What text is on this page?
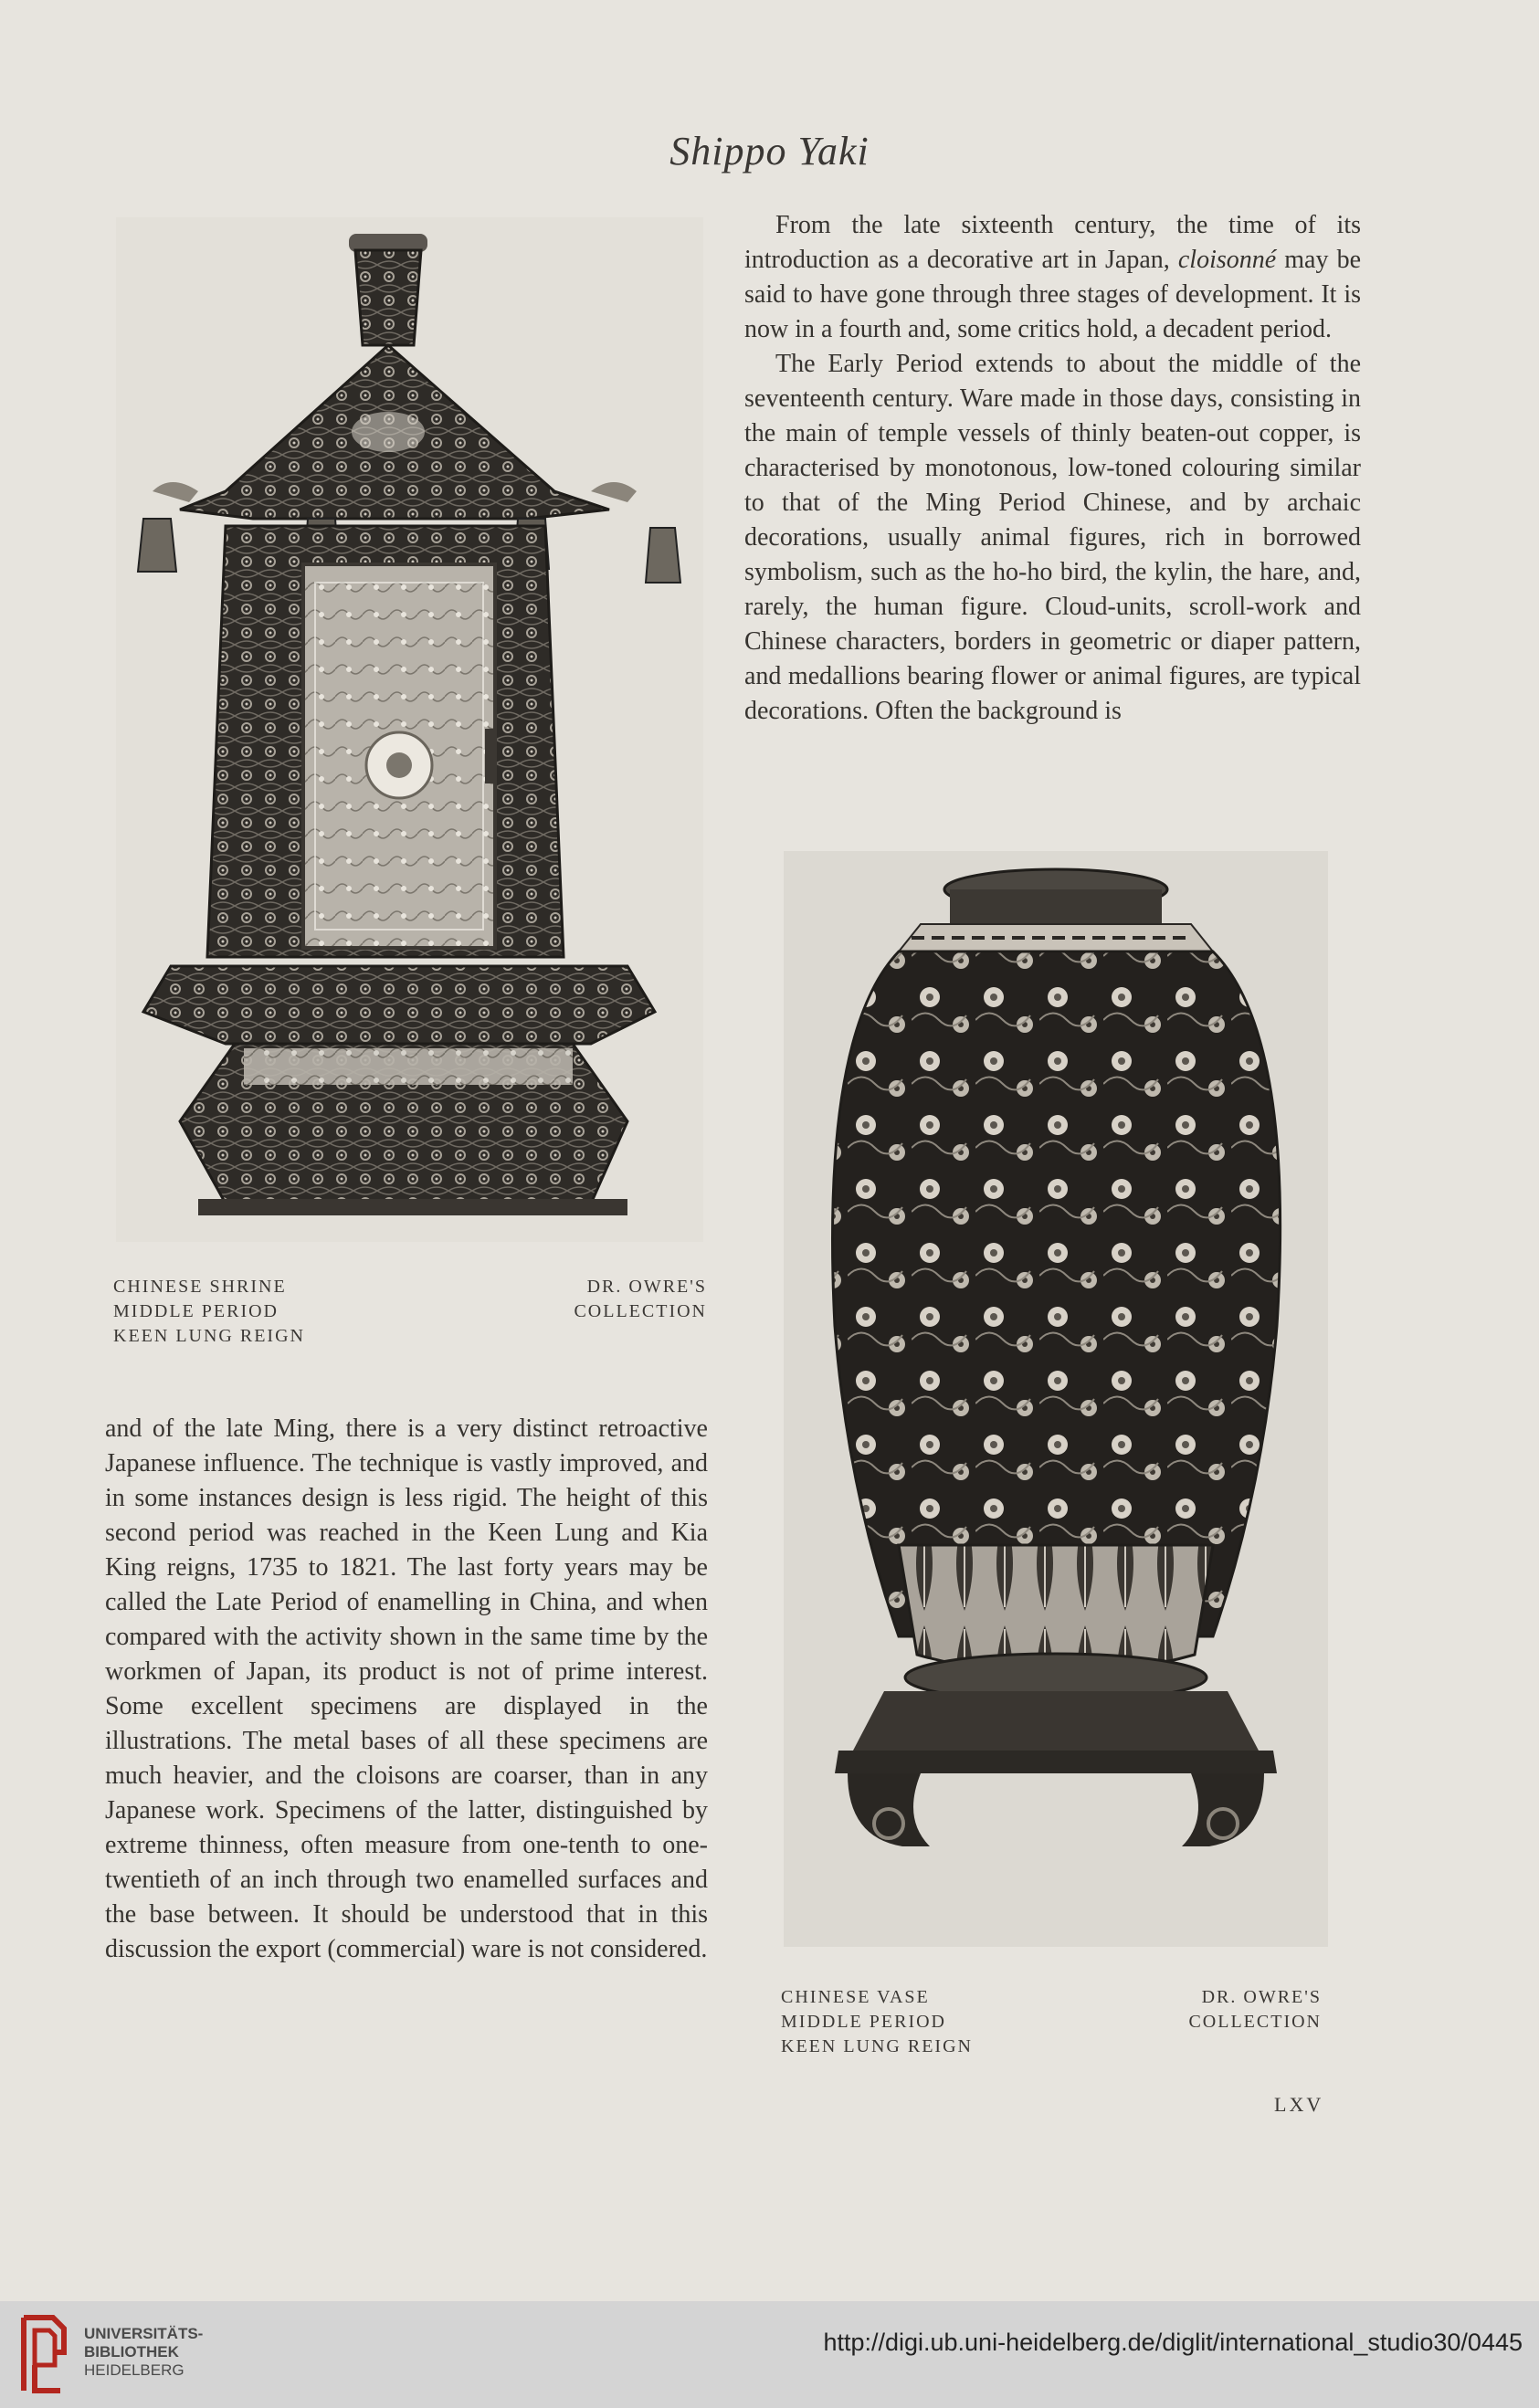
Shippo Yaki
CHINESE SHRINE
MIDDLE PERIOD
KEEN LUNG REIGN
DR. OWRE'S
COLLECTION

From the late sixteenth century, the time of its introduction as a decorative art in Japan, cloisonné may be said to have gone through three stages of development. It is now in a fourth and, some critics hold, a decadent period.

The Early Period extends to about the middle of the seventeenth century. Ware made in those days, consisting in the main of temple vessels of thinly beaten-out copper, is characterised by monotonous, low-toned colouring similar to that of the Ming Period Chinese, and by archaic decorations, usually animal figures, rich in borrowed symbolism, such as the ho-ho bird, the kylin, the hare, and, rarely, the human figure. Cloud-units, scroll-work and Chinese characters, borders in geometric or diaper pattern, and medallions bearing flower or animal figures, are typical decorations. Often the background is

CHINESE VASE
MIDDLE PERIOD
KEEN LUNG REIGN
DR. OWRE'S
COLLECTION

and of the late Ming, there is a very distinct retroactive Japanese influence. The technique is vastly improved, and in some instances design is less rigid. The height of this second period was reached in the Keen Lung and Kia King reigns, 1735 to 1821. The last forty years may be called the Late Period of enamelling in China, and when compared with the activity shown in the same time by the workmen of Japan, its product is not of prime interest. Some excellent specimens are displayed in the illustrations. The metal bases of all these specimens are much heavier, and the cloisons are coarser, than in any Japanese work. Specimens of the latter, distinguished by extreme thinness, often measure from one-tenth to one-twentieth of an inch through two enamelled surfaces and the base between. It should be understood that in this discussion the export (commercial) ware is not considered.

LXV
UNIVERSITÄTS-
BIBLIOTHEK
HEIDELBERG
http://digi.ub.uni-heidelberg.de/diglit/international_studio30/0445
